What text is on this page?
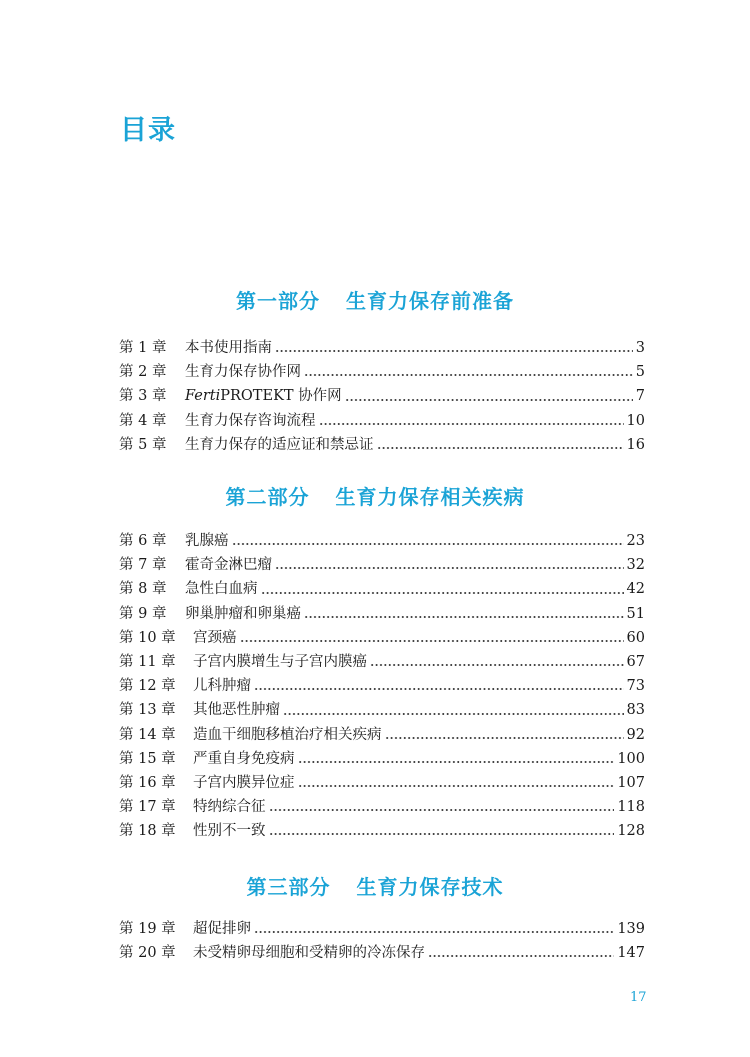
目录
第一部分 生育力保存前准备
第 1 章	本书使用指南	3
第 2 章	生育力保存协作网	5
第 3 章	FertiPROTEKT 协作网	7
第 4 章	生育力保存咨询流程	10
第 5 章	生育力保存的适应证和禁忌证	16
第二部分 生育力保存相关疾病
第 6 章	乳腺癌	23
第 7 章	霍奇金淋巴瘤	32
第 8 章	急性白血病	42
第 9 章	卵巢肿瘤和卵巢癌	51
第 10 章	宫颈癌	60
第 11 章	子宫内膜增生与子宫内膜癌	67
第 12 章	儿科肿瘤	73
第 13 章	其他恶性肿瘤	83
第 14 章	造血干细胞移植治疗相关疾病	92
第 15 章	严重自身免疫病	100
第 16 章	子宫内膜异位症	107
第 17 章	特纳综合征	118
第 18 章	性别不一致	128
第三部分 生育力保存技术
第 19 章	超促排卵	139
第 20 章	未受精卵母细胞和受精卵的冷冻保存	147
17
